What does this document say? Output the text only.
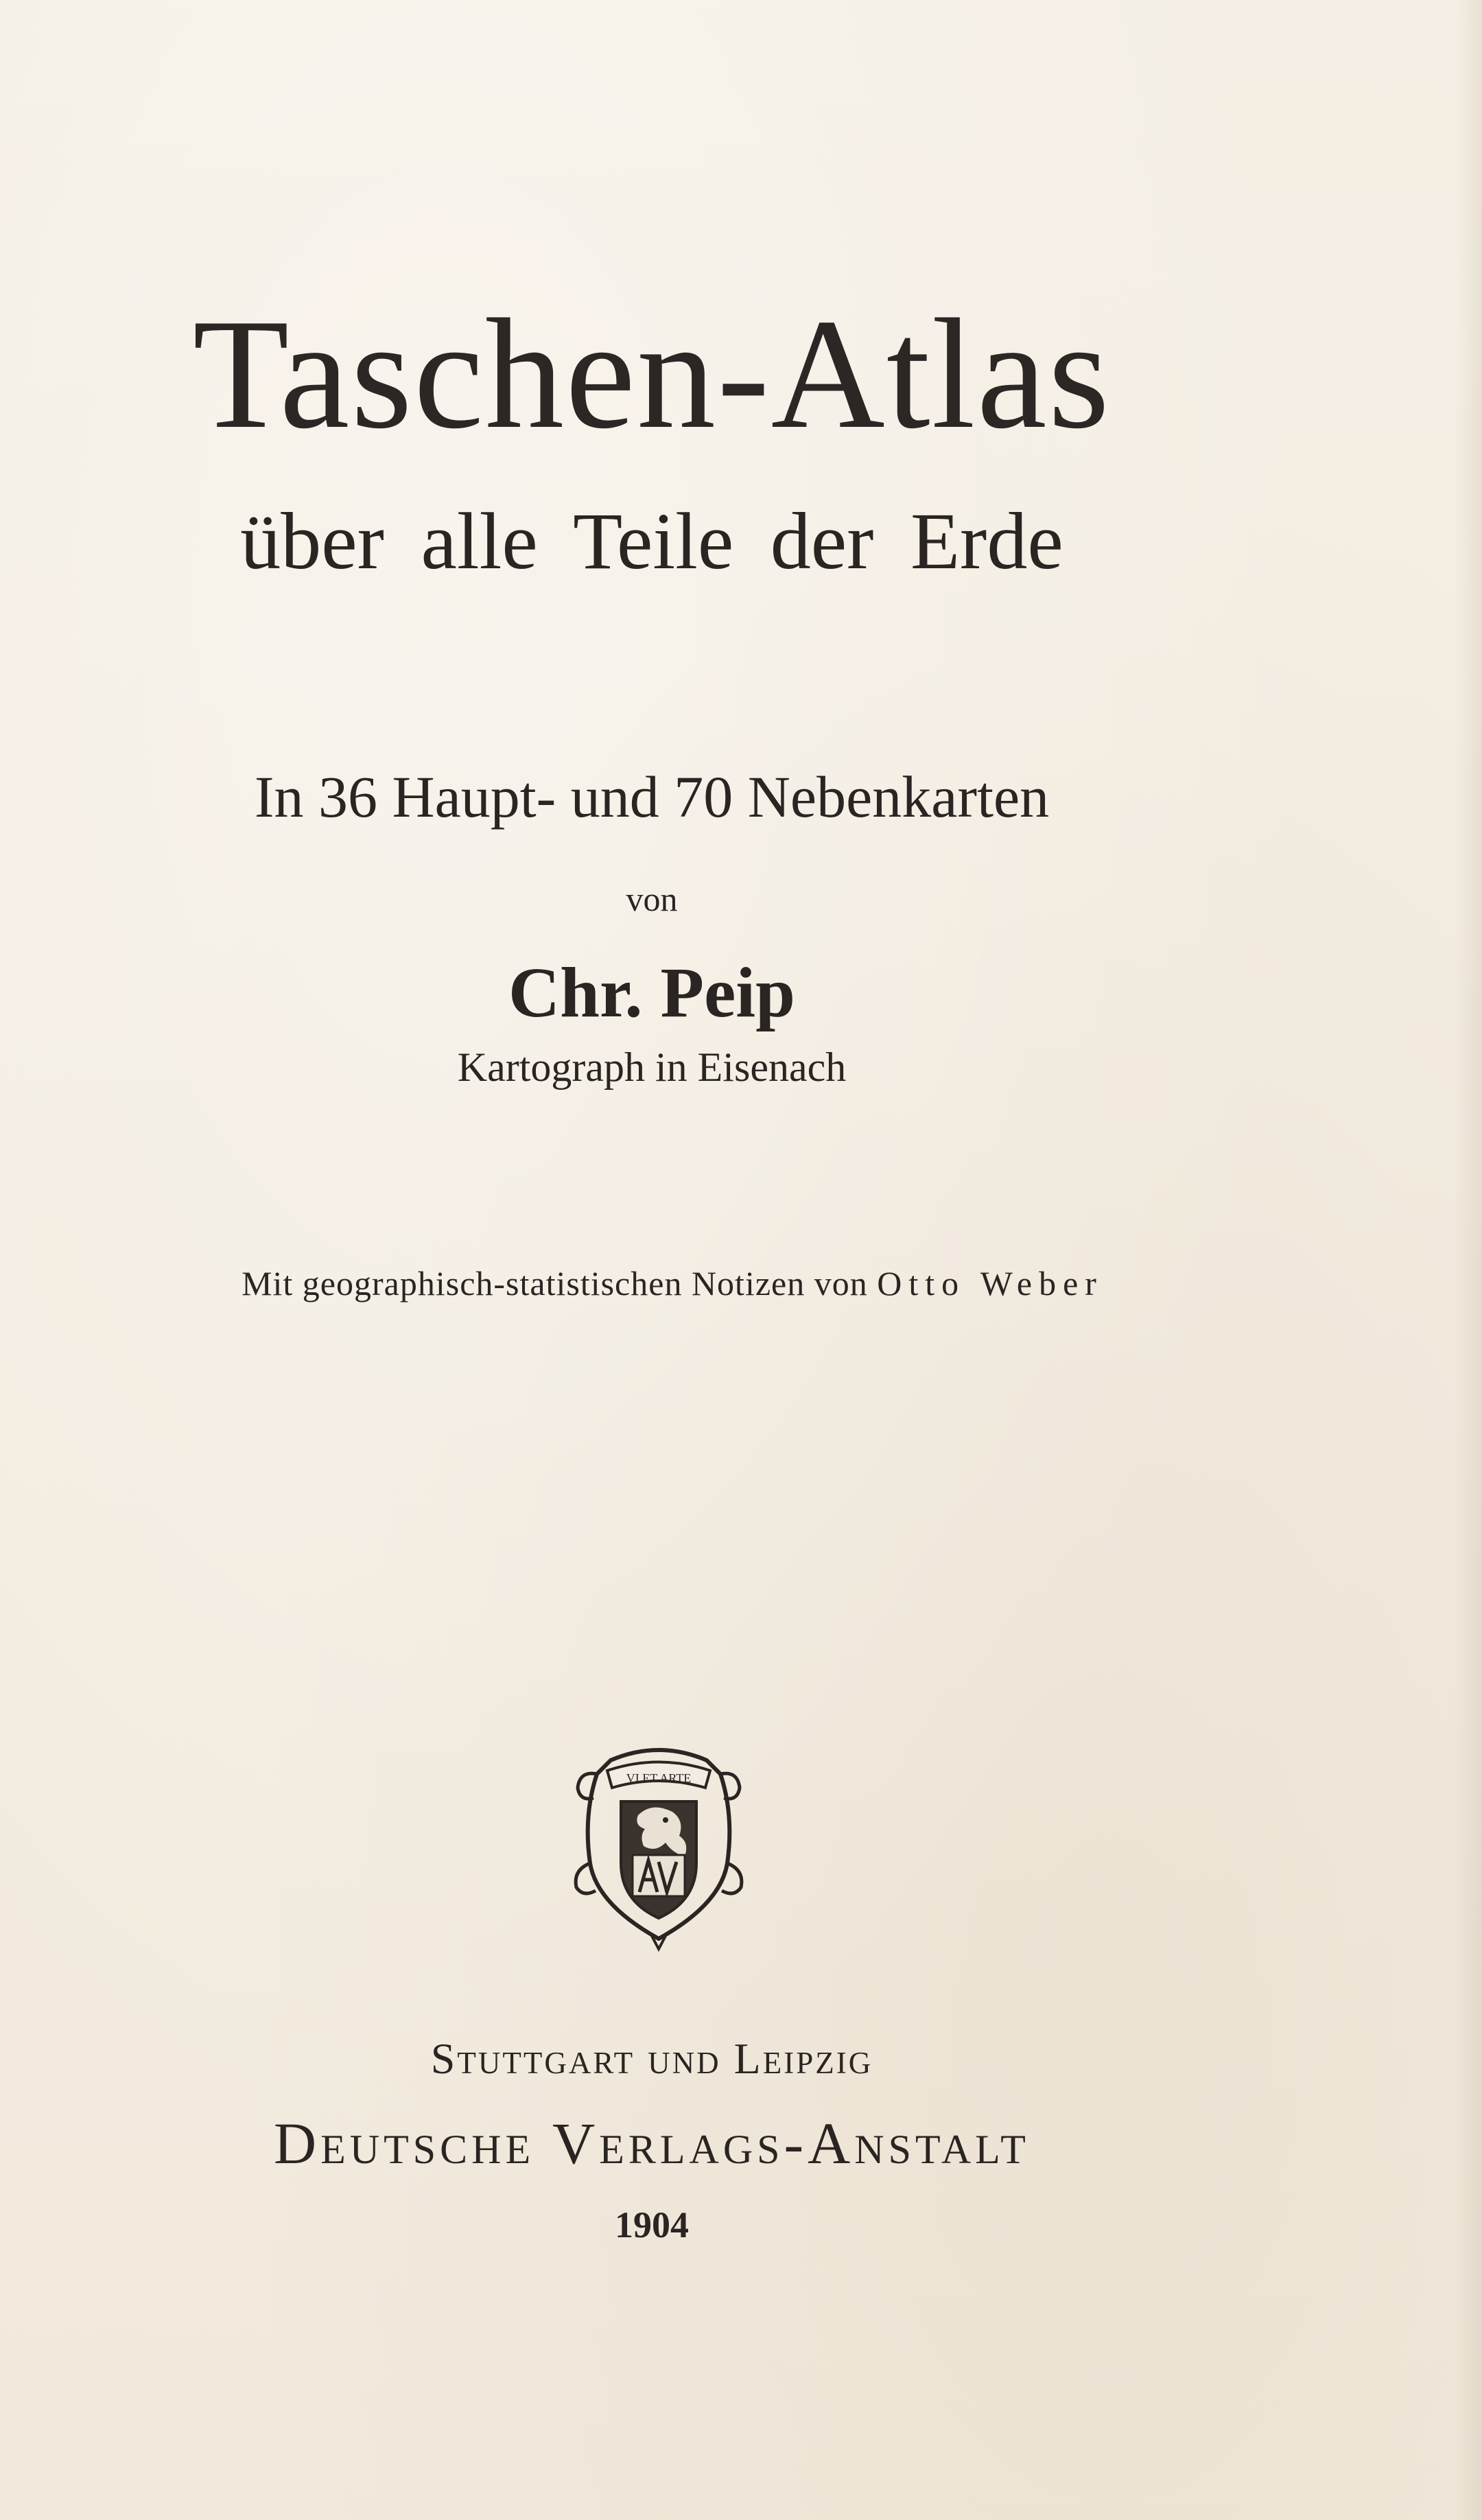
Taschen-Atlas
über alle Teile der Erde
In 36 Haupt- und 70 Nebenkarten
von
Chr. Peip
Kartograph in Eisenach
Mit geographisch-statistischen Notizen von Otto Weber
VI ET ARTE
Stuttgart und Leipzig
Deutsche Verlags-Anstalt
1904
